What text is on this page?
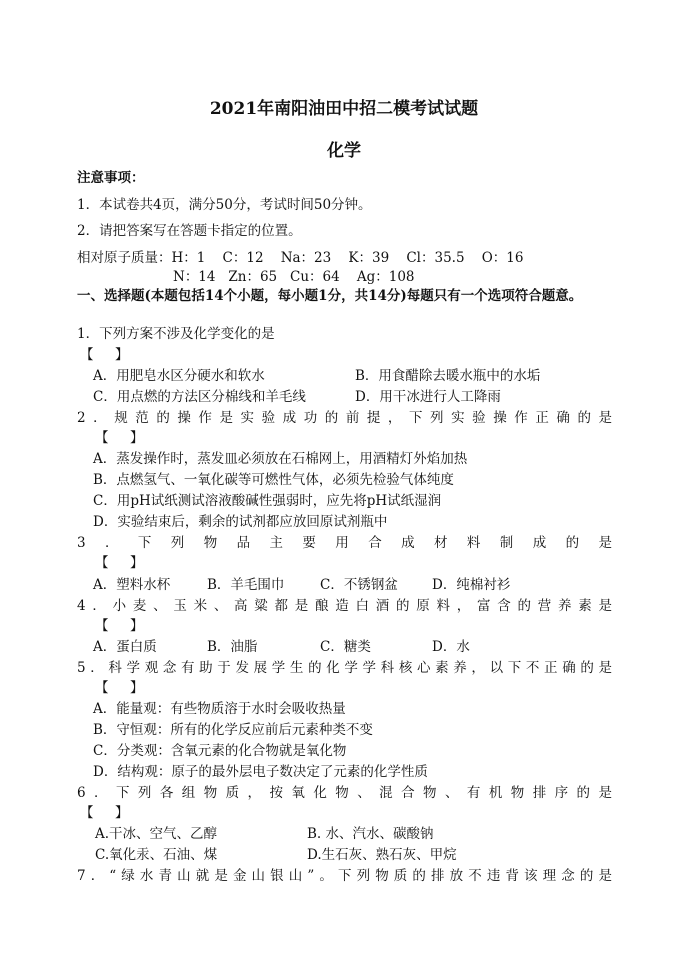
2021年南阳油田中招二模考试试题
化学
注意事项：
1．本试卷共4页，满分50分，考试时间50分钟。
2．请把答案写在答题卡指定的位置。
相对原子质量：H：1    C：12    Na：23    K：39    Cl：35.5    O：16
N：14   Zn：65   Cu：64    Ag：108
一、选择题(本题包括14个小题，每小题1分，共14分)每题只有一个选项符合题意。
1．下列方案不涉及化学变化的是
【     】
A．用肥皂水区分硬水和软水	B．用食醋除去暖水瓶中的水垢
C．用点燃的方法区分棉线和羊毛线	D．用干冰进行人工降雨
2．规范的操作是实验成功的前提，下列实验操作正确的是
【     】
A．蒸发操作时，蒸发皿必须放在石棉网上，用酒精灯外焰加热
B．点燃氢气、一氧化碳等可燃性气体，必须先检验气体纯度
C．用pH试纸测试溶液酸碱性强弱时，应先将pH试纸湿润
D．实验结束后，剩余的试剂都应放回原试剂瓶中
3．下列物品主要用合成材料制成的是
【     】
A．塑料水杯	B．羊毛围巾	C．不锈钢盆	D．纯棉衬衫
4．小麦、玉米、高粱都是酿造白酒的原料，富含的营养素是
【     】
A．蛋白质	B．油脂	C．糖类	D．水
5．科学观念有助于发展学生的化学学科核心素养，以下不正确的是
【     】
A．能量观：有些物质溶于水时会吸收热量
B．守恒观：所有的化学反应前后元素种类不变
C．分类观：含氧元素的化合物就是氧化物
D．结构观：原子的最外层电子数决定了元素的化学性质
6．下列各组物质，按氧化物、混合物、有机物排序的是
【     】
A.干冰、空气、乙醇	B. 水、汽水、碳酸钠
C.氧化汞、石油、煤	D.生石灰、熟石灰、甲烷
7．“绿水青山就是金山银山”。下列物质的排放不违背该理念的是
